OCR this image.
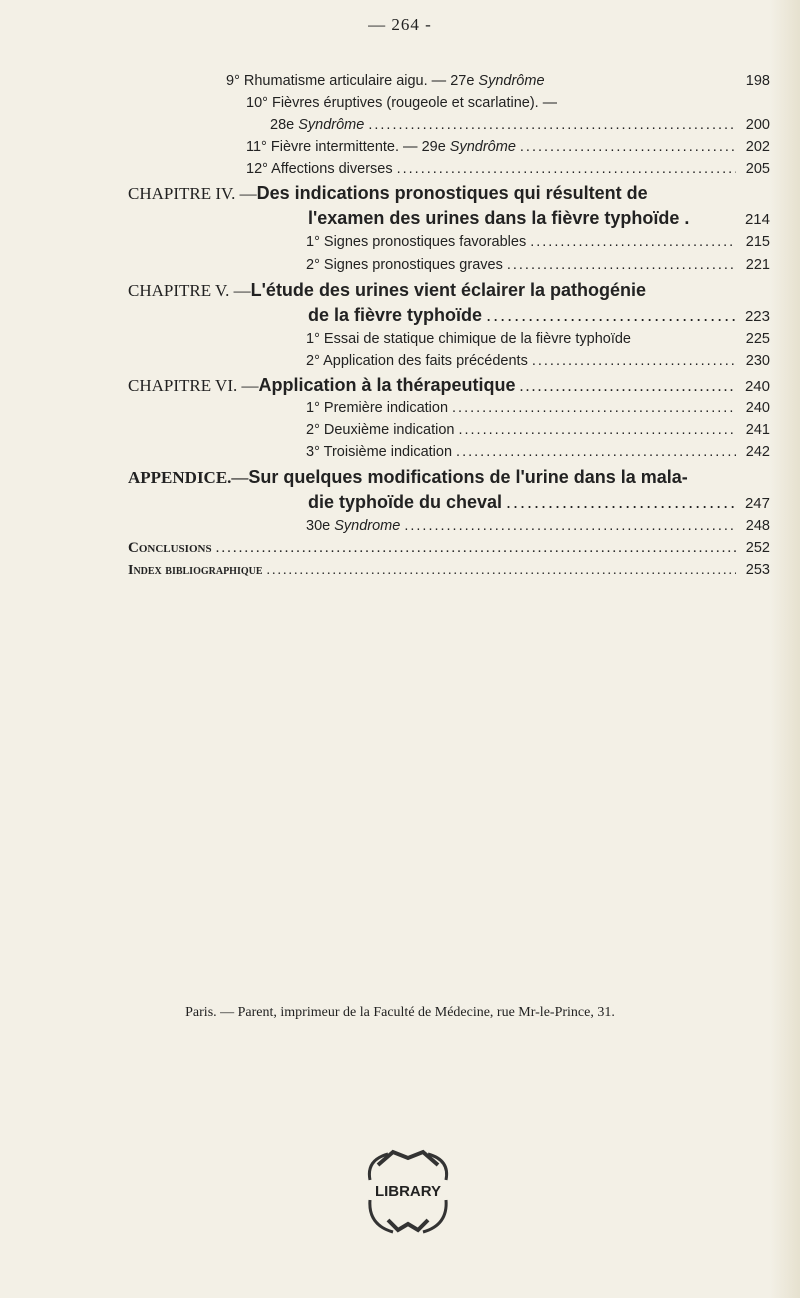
— 264 -
9° Rhumatisme articulaire aigu. — 27e Syndrôme	198
10° Fièvres éruptives (rougeole et scarlatine). —
28e Syndrôme .....	200
11° Fièvre intermittente. — 29e Syndrôme .....	202
12° Affections diverses .....	205
CHAPITRE IV. — Des indications pronostiques qui résultent de
l'examen des urines dans la fièvre typhoïde .	214
1° Signes pronostiques favorables .....	215
2° Signes pronostiques graves .....	221
CHAPITRE V. — L'étude des urines vient éclairer la pathogénie
de la fièvre typhoïde .....	223
1° Essai de statique chimique de la fièvre typhoïde	225
2° Application des faits précédents .....	230
CHAPITRE VI. — Application à la thérapeutique .....	240
1° Première indication .....	240
2° Deuxième indication .....	241
3° Troisième indication .....	242
APPENDICE.— Sur quelques modifications de l'urine dans la mala-
die typhoïde du cheval .....	247
30e Syndrome .....	248
Conclusions .....	252
Index bibliographique .....	253
Paris. — Parent, imprimeur de la Faculté de Médecine, rue Mr-le-Prince, 31.
LIBRARY
